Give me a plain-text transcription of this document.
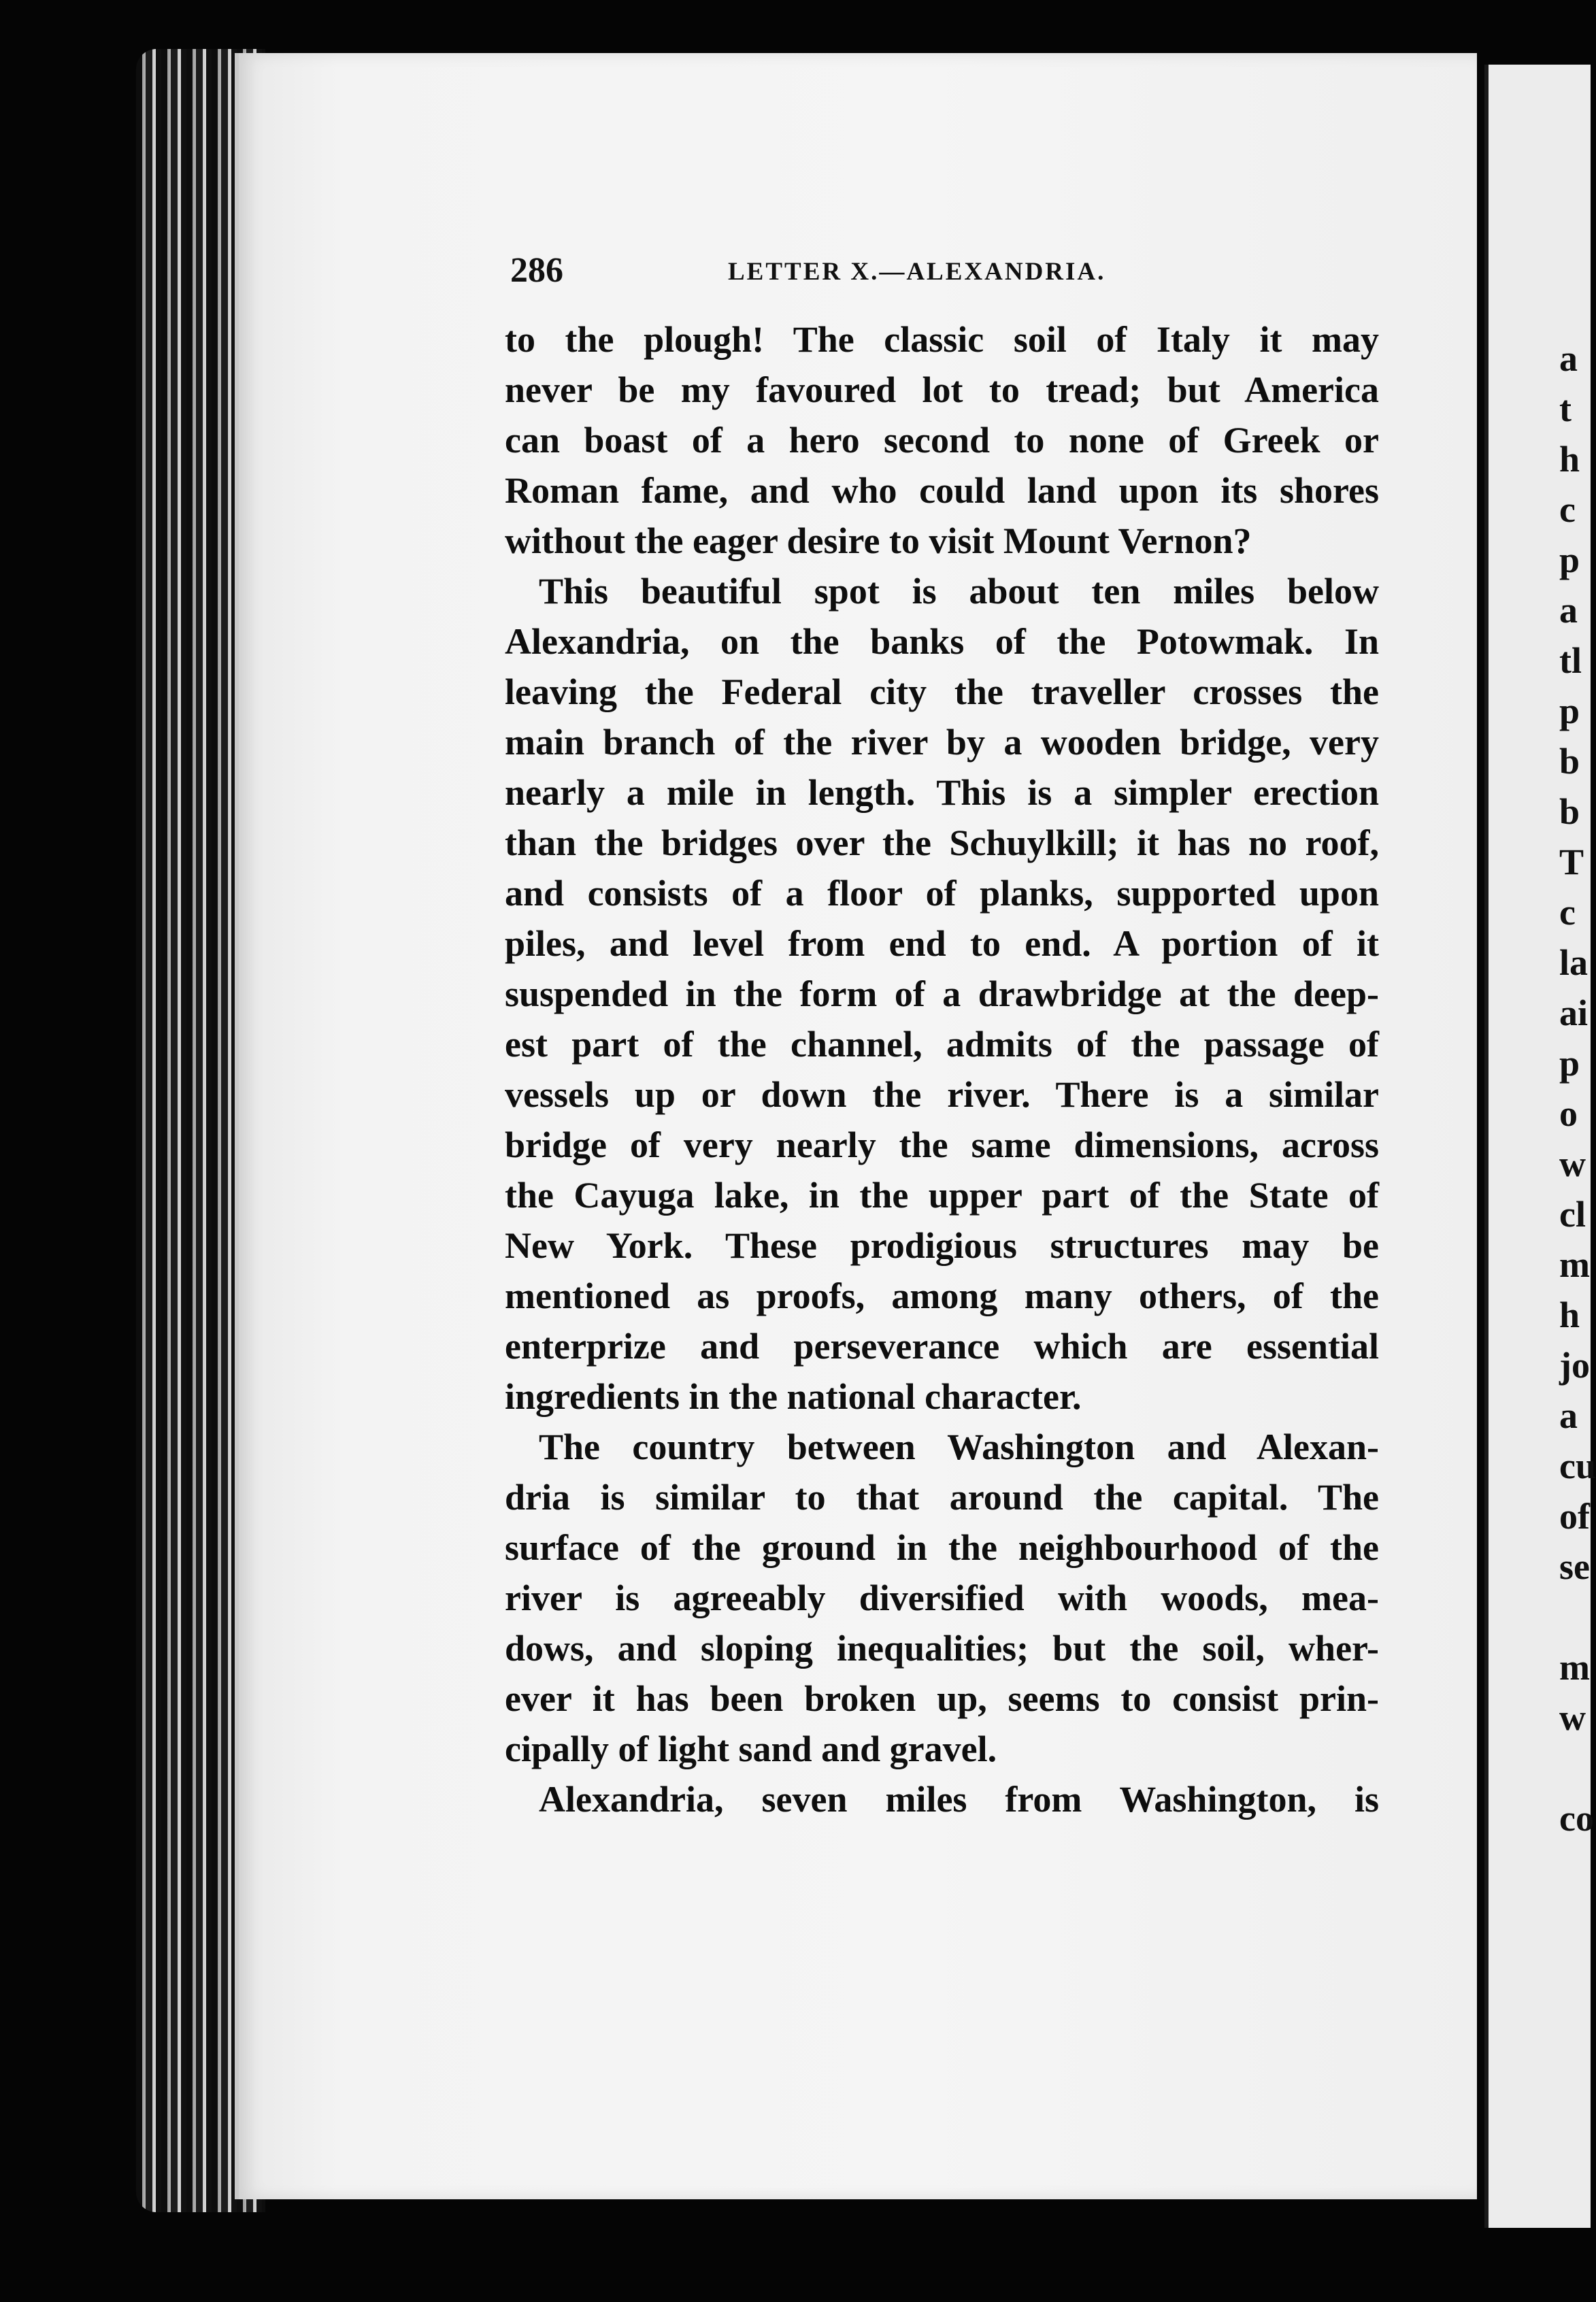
286	LETTER X.—ALEXANDRIA.
to the plough! The classic soil of Italy it may
never be my favoured lot to tread; but America
can boast of a hero second to none of Greek or
Roman fame, and who could land upon its shores
without the eager desire to visit Mount Vernon?
This beautiful spot is about ten miles below
Alexandria, on the banks of the Potowmak. In
leaving the Federal city the traveller crosses the
main branch of the river by a wooden bridge, very
nearly a mile in length. This is a simpler erection
than the bridges over the Schuylkill; it has no roof,
and consists of a floor of planks, supported upon
piles, and level from end to end. A portion of it
suspended in the form of a drawbridge at the deep-
est part of the channel, admits of the passage of
vessels up or down the river. There is a similar
bridge of very nearly the same dimensions, across
the Cayuga lake, in the upper part of the State of
New York. These prodigious structures may be
mentioned as proofs, among many others, of the
enterprize and perseverance which are essential
ingredients in the national character.
The country between Washington and Alexan-
dria is similar to that around the capital. The
surface of the ground in the neighbourhood of the
river is agreeably diversified with woods, mea-
dows, and sloping inequalities; but the soil, wher-
ever it has been broken up, seems to consist prin-
cipally of light sand and gravel.
Alexandria, seven miles from Washington, is
a
t
h
c
p
a
tl
p
b
b
T
c
la
ai
p
o
w
cl
m
h
jo
a
cu
of
se
m
w
co
